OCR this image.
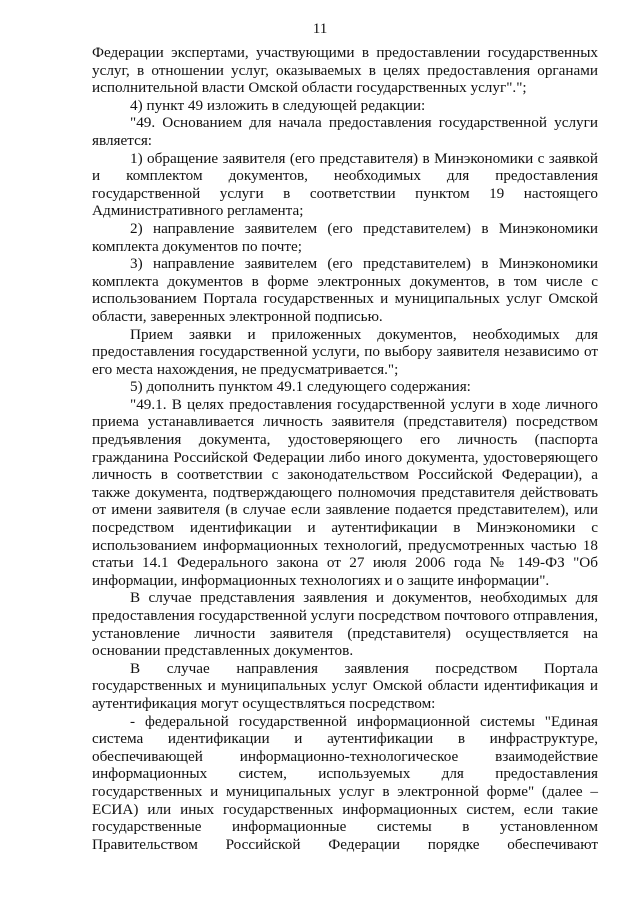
11

Федерации экспертами, участвующими в предоставлении государственных услуг, в отношении услуг, оказываемых в целях предоставления органами исполнительной власти Омской области государственных услуг".";

4) пункт 49 изложить в следующей редакции:

"49. Основанием для начала предоставления государственной услуги является:

1) обращение заявителя (его представителя) в Минэкономики с заявкой и комплектом документов, необходимых для предоставления государственной услуги в соответствии пунктом 19 настоящего Административного регламента;

2) направление заявителем (его представителем) в Минэкономики комплекта документов по почте;

3) направление заявителем (его представителем) в Минэкономики комплекта документов в форме электронных документов, в том числе с использованием Портала государственных и муниципальных услуг Омской области, заверенных электронной подписью.

Прием заявки и приложенных документов, необходимых для предоставления государственной услуги, по выбору заявителя независимо от его места нахождения, не предусматривается.";

5) дополнить пунктом 49.1 следующего содержания:

"49.1. В целях предоставления государственной услуги в ходе личного приема устанавливается личность заявителя (представителя) посредством предъявления документа, удостоверяющего его личность (паспорта гражданина Российской Федерации либо иного документа, удостоверяющего личность в соответствии с законодательством Российской Федерации), а также документа, подтверждающего полномочия представителя действовать от имени заявителя (в случае если заявление подается представителем), или посредством идентификации и аутентификации в Минэкономики с использованием информационных технологий, предусмотренных частью 18 статьи 14.1 Федерального закона от 27 июля 2006 года № 149-ФЗ "Об информации, информационных технологиях и о защите информации".

В случае представления заявления и документов, необходимых для предоставления государственной услуги посредством почтового отправления, установление личности заявителя (представителя) осуществляется на основании представленных документов.

В случае направления заявления посредством Портала государственных и муниципальных услуг Омской области идентификация и аутентификация могут осуществляться посредством:

- федеральной государственной информационной системы "Единая система идентификации и аутентификации в инфраструктуре, обеспечивающей информационно-технологическое взаимодействие информационных систем, используемых для предоставления государственных и муниципальных услуг в электронной форме" (далее – ЕСИА) или иных государственных информационных систем, если такие государственные информационные системы в установленном Правительством Российской Федерации порядке обеспечивают
